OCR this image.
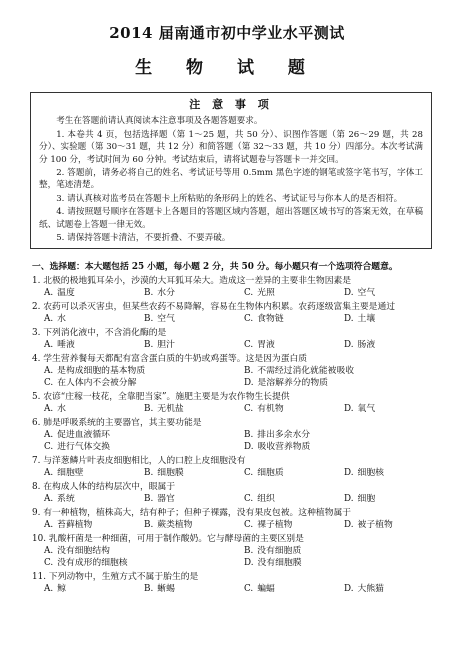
2014 届南通市初中学业水平测试
生 物 试 题
注 意 事 项
考生在答题前请认真阅读本注意事项及各题答题要求。
1. 本卷共 4 页，包括选择题（第 1～25 题，共 50 分）、识图作答题（第 26～29 题，共 28 分）、实验题（第 30～31 题，共 12 分）和简答题（第 32～33 题，共 10 分）四部分。本次考试满分 100 分，考试时间为 60 分钟。考试结束后，请将试题卷与答题卡一并交回。
2. 答题前，请务必将自己的姓名、考试证号等用 0.5mm 黑色字迹的钢笔或签字笔书写，字体工整，笔迹清楚。
3. 请认真核对监考员在答题卡上所粘贴的条形码上的姓名、考试证号与你本人的是否相符。
4. 请按照题号顺序在答题卡上各题目的答题区域内答题，超出答题区域书写的答案无效，在草稿纸、试题卷上答题一律无效。
5. 请保持答题卡清洁，不要折叠、不要弄破。
一、选择题：本大题包括 25 小题，每小题 2 分，共 50 分。每小题只有一个选项符合题意。
1. 北极的极地狐耳朵小，沙漠的大耳狐耳朵大。造成这一差异的主要非生物因素是
A. 温度	B. 水分	C. 光照	D. 空气
2. 农药可以杀灭害虫，但某些农药不易降解，容易在生物体内积累。农药逐级富集主要是通过
A. 水	B. 空气	C. 食物链	D. 土壤
3. 下列消化液中，不含消化酶的是
A. 唾液	B. 胆汁	C. 胃液	D. 肠液
4. 学生营养餐每天都配有富含蛋白质的牛奶或鸡蛋等。这是因为蛋白质
A. 是构成细胞的基本物质	B. 不需经过消化就能被吸收
C. 在人体内不会被分解	D. 是溶解养分的物质
5. 农谚“庄稼一枝花，全靠肥当家”。施肥主要是为农作物生长提供
A. 水	B. 无机盐	C. 有机物	D. 氧气
6. 肺是呼吸系统的主要器官，其主要功能是
A. 促进血液循环	B. 排出多余水分
C. 进行气体交换	D. 吸收营养物质
7. 与洋葱鳞片叶表皮细胞相比，人的口腔上皮细胞没有
A. 细胞壁	B. 细胞膜	C. 细胞质	D. 细胞核
8. 在构成人体的结构层次中，眼属于
A. 系统	B. 器官	C. 组织	D. 细胞
9. 有一种植物，植株高大，结有种子；但种子裸露，没有果皮包被。这种植物属于
A. 苔藓植物	B. 蕨类植物	C. 裸子植物	D. 被子植物
10. 乳酸杆菌是一种细菌，可用于制作酸奶。它与酵母菌的主要区别是
A. 没有细胞结构	B. 没有细胞质
C. 没有成形的细胞核	D. 没有细胞膜
11. 下列动物中，生殖方式不属于胎生的是
A. 鲸	B. 蜥蜴	C. 蝙蝠	D. 大熊猫
